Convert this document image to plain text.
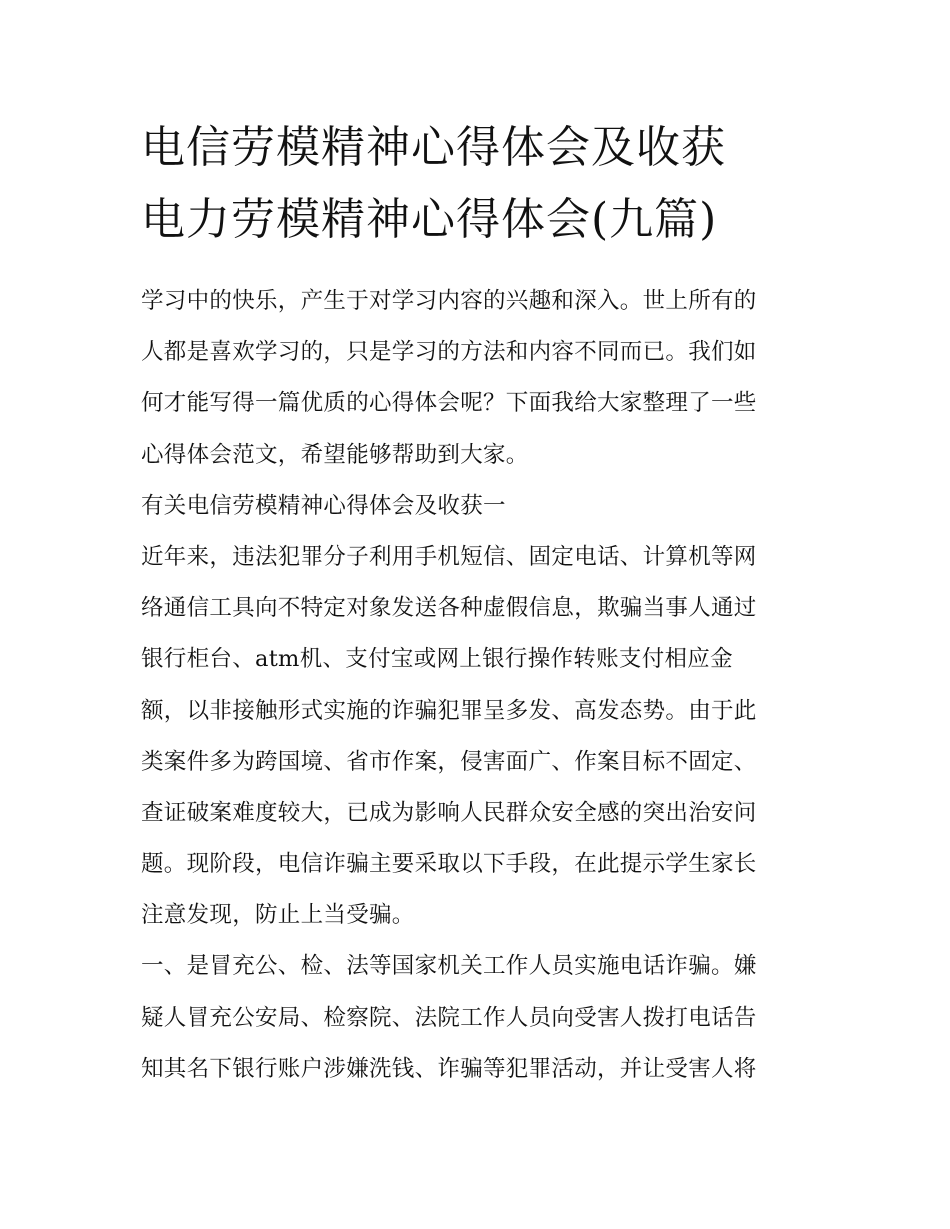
电信劳模精神心得体会及收获
电力劳模精神心得体会(九篇)
学习中的快乐，产生于对学习内容的兴趣和深入。世上所有的
人都是喜欢学习的，只是学习的方法和内容不同而已。我们如
何才能写得一篇优质的心得体会呢？下面我给大家整理了一些
心得体会范文，希望能够帮助到大家。
有关电信劳模精神心得体会及收获一
近年来，违法犯罪分子利用手机短信、固定电话、计算机等网
络通信工具向不特定对象发送各种虚假信息，欺骗当事人通过
银行柜台、atm机、支付宝或网上银行操作转账支付相应金
额，以非接触形式实施的诈骗犯罪呈多发、高发态势。由于此
类案件多为跨国境、省市作案，侵害面广、作案目标不固定、
查证破案难度较大，已成为影响人民群众安全感的突出治安问
题。现阶段，电信诈骗主要采取以下手段，在此提示学生家长
注意发现，防止上当受骗。
一、是冒充公、检、法等国家机关工作人员实施电话诈骗。嫌
疑人冒充公安局、检察院、法院工作人员向受害人拨打电话告
知其名下银行账户涉嫌洗钱、诈骗等犯罪活动，并让受害人将
